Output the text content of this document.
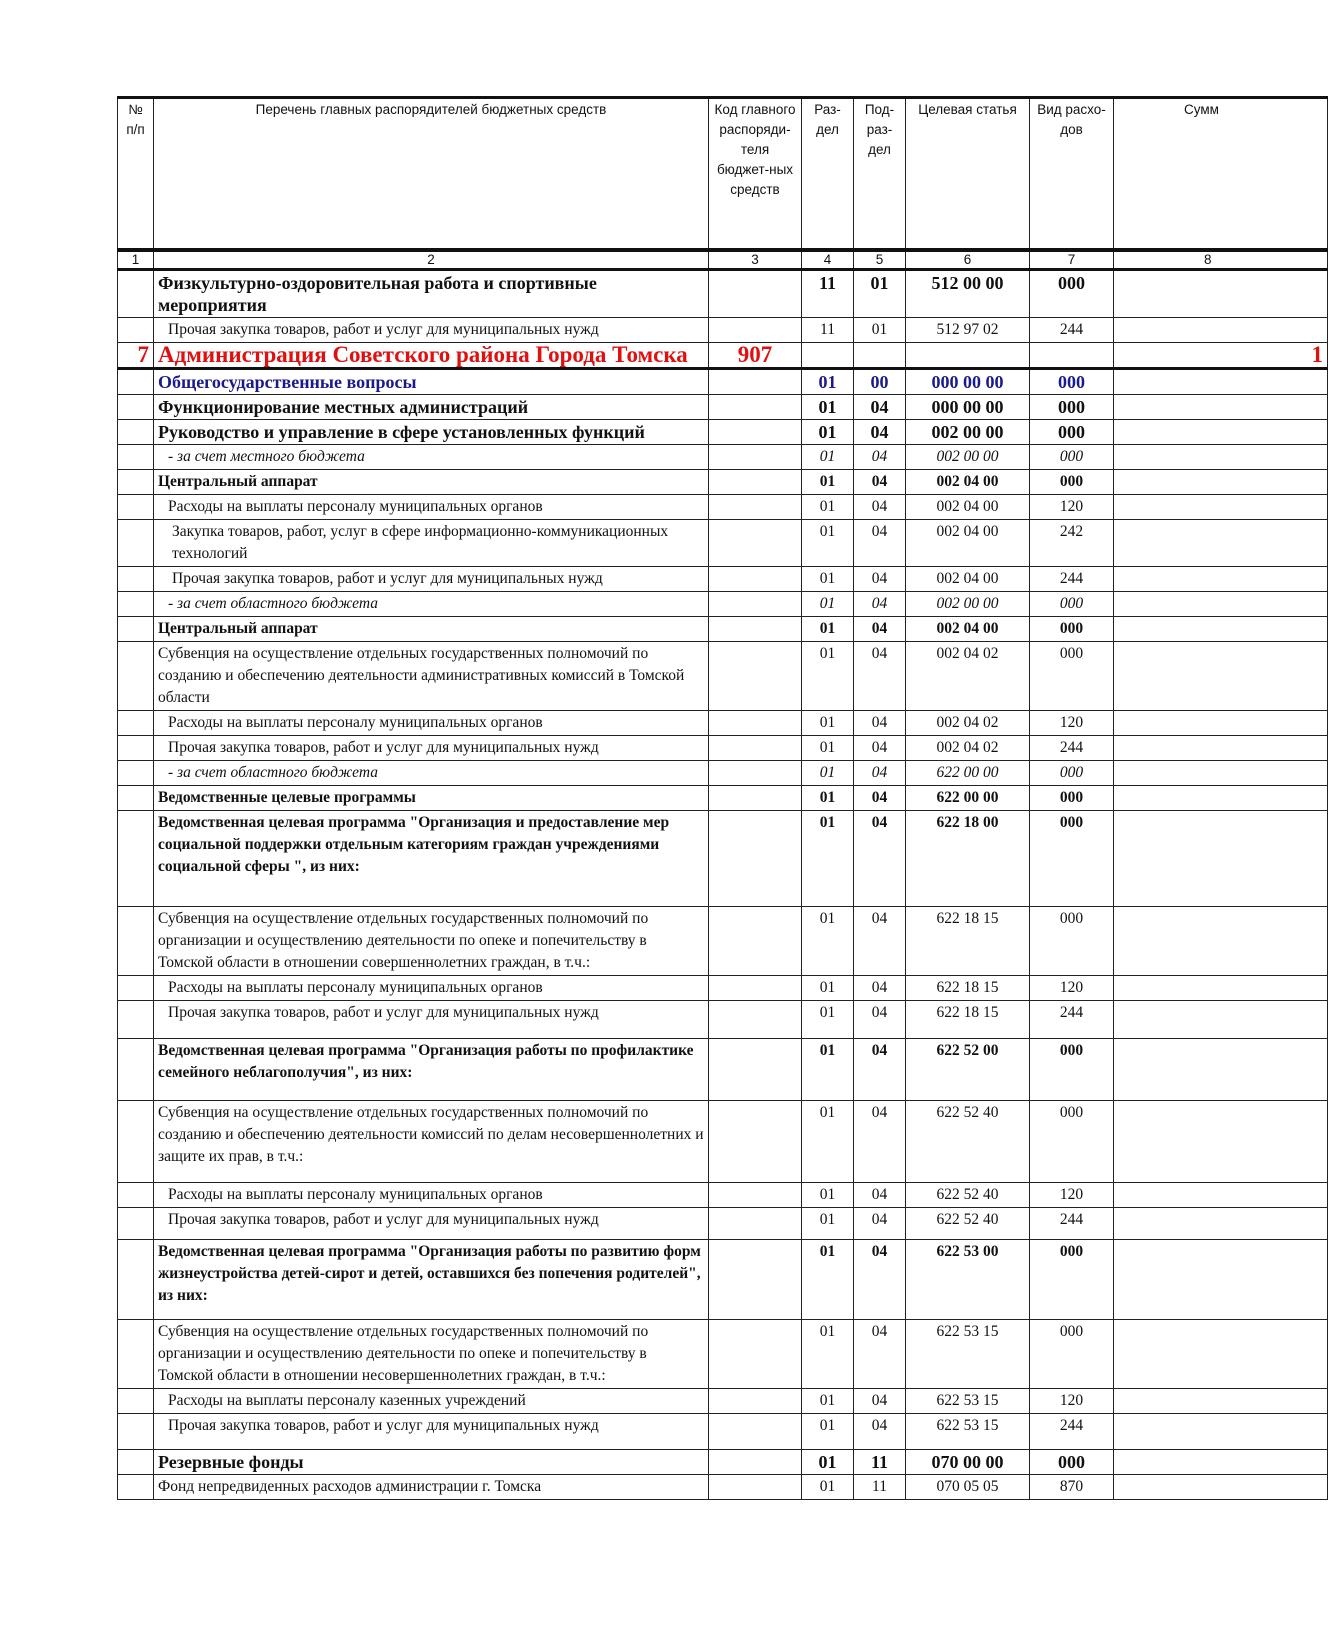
№ п/п	Перечень главных распорядителей бюджетных средств	Код главного распоряди-теля бюджет-ных средств	Раз-дел	Под-раз-дел	Целевая статья	Вид расхо-дов	Сумм
1	2	3	4	5	6	7	8
	Физкультурно-оздоровительная работа и спортивные мероприятия		11	01	512 00 00	000	
	Прочая закупка товаров, работ и услуг для муниципальных нужд		11	01	512 97 02	244	
7	Администрация Советского района Города Томска	907					1
	Общегосударственные вопросы		01	00	000 00 00	000	
	Функционирование местных администраций		01	04	000 00 00	000	
	Руководство и управление в сфере установленных функций		01	04	002 00 00	000	
	- за счет местного бюджета		01	04	002 00 00	000	
	Центральный аппарат		01	04	002 04 00	000	
	Расходы на выплаты персоналу муниципальных органов		01	04	002 04 00	120	
	Закупка товаров, работ, услуг в сфере информационно-коммуникационных технологий		01	04	002 04 00	242	
	Прочая закупка товаров, работ и услуг для муниципальных нужд		01	04	002 04 00	244	
	- за счет областного бюджета		01	04	002 00 00	000	
	Центральный аппарат		01	04	002 04 00	000	
	Субвенция на осуществление отдельных государственных полномочий по созданию и обеспечению деятельности административных комиссий в Томской области		01	04	002 04 02	000	
	Расходы на выплаты персоналу муниципальных органов		01	04	002 04 02	120	
	Прочая закупка товаров, работ и услуг для муниципальных нужд		01	04	002 04 02	244	
	- за счет областного бюджета		01	04	622 00 00	000	
	Ведомственные целевые программы		01	04	622 00 00	000	
	Ведомственная целевая программа "Организация и предоставление мер социальной поддержки отдельным категориям граждан учреждениями социальной сферы ", из них:		01	04	622 18 00	000	
	Субвенция на осуществление отдельных государственных полномочий по организации и осуществлению деятельности по опеке и попечительству в Томской области в отношении совершеннолетних граждан, в т.ч.:		01	04	622 18 15	000	
	Расходы на выплаты персоналу муниципальных органов		01	04	622 18 15	120	
	Прочая закупка товаров, работ и услуг для муниципальных нужд		01	04	622 18 15	244	
	Ведомственная целевая программа "Организация работы по профилактике семейного неблагополучия", из них:		01	04	622 52 00	000	
	Субвенция на осуществление отдельных государственных полномочий по созданию и обеспечению деятельности комиссий по делам несовершеннолетних и защите их прав, в т.ч.:		01	04	622 52 40	000	
	Расходы на выплаты персоналу муниципальных органов		01	04	622 52 40	120	
	Прочая закупка товаров, работ и услуг для муниципальных нужд		01	04	622 52 40	244	
	Ведомственная целевая программа "Организация работы по развитию форм жизнеустройства детей-сирот и детей, оставшихся без попечения родителей", из них:		01	04	622 53 00	000	
	Субвенция на осуществление отдельных государственных полномочий по организации и осуществлению деятельности по опеке и попечительству в Томской области в отношении несовершеннолетних граждан, в т.ч.:		01	04	622 53 15	000	
	Расходы на выплаты персоналу казенных учреждений		01	04	622 53 15	120	
	Прочая закупка товаров, работ и услуг для муниципальных нужд		01	04	622 53 15	244	
	Резервные фонды		01	11	070 00 00	000	
	Фонд непредвиденных расходов администрации г. Томска		01	11	070 05 05	870	
